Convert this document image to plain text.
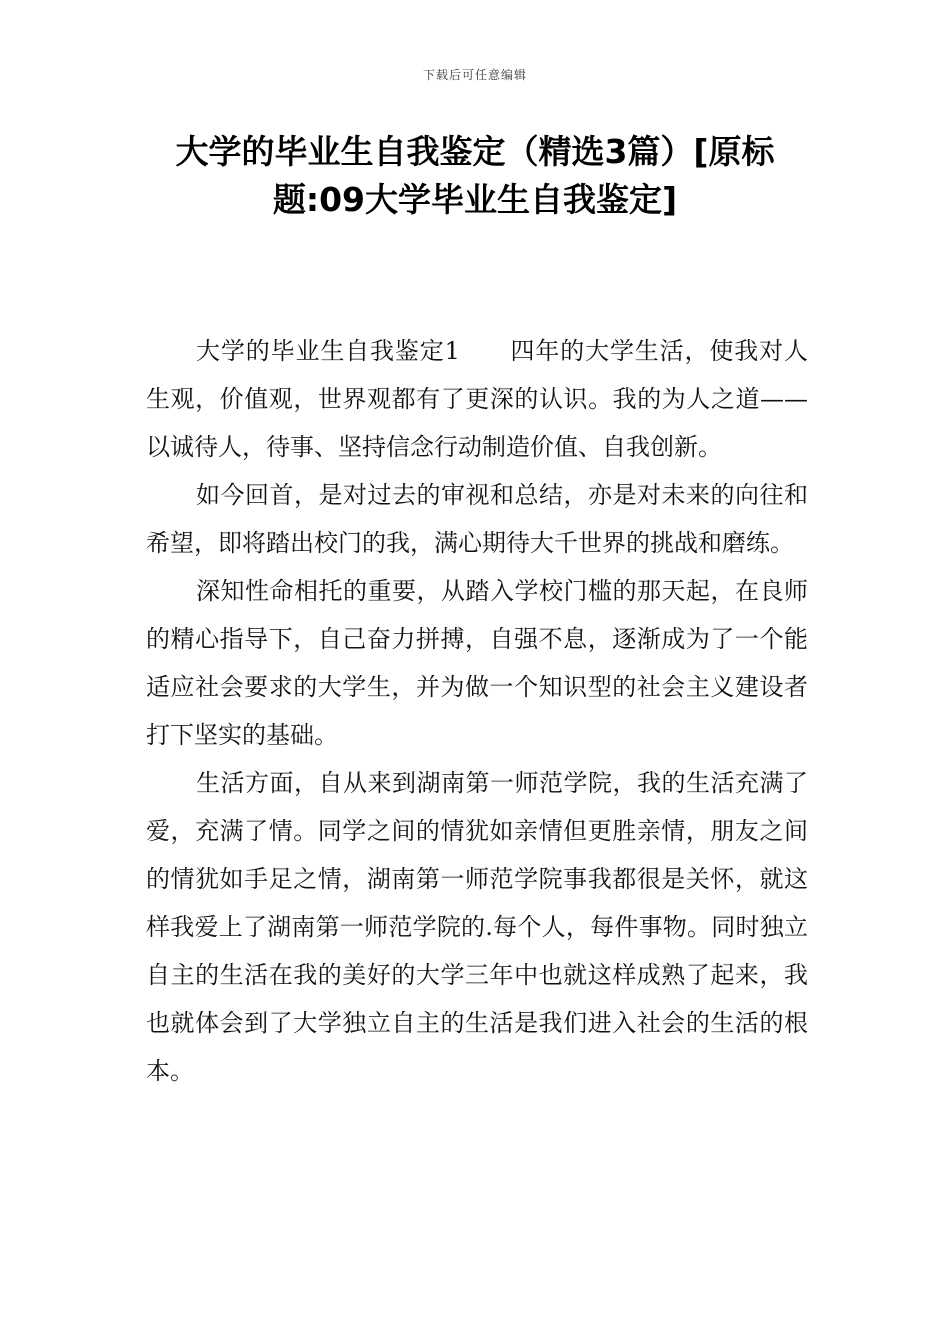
下载后可任意编辑
大学的毕业生自我鉴定（精选3篇）[原标
题:09大学毕业生自我鉴定]

大学的毕业生自我鉴定1　　四年的大学生活，使我对人生观，价值观，世界观都有了更深的认识。我的为人之道——以诚待人，待事、坚持信念行动制造价值、自我创新。

如今回首，是对过去的审视和总结，亦是对未来的向往和希望，即将踏出校门的我，满心期待大千世界的挑战和磨练。

深知性命相托的重要，从踏入学校门槛的那天起，在良师的精心指导下，自己奋力拼搏，自强不息，逐渐成为了一个能适应社会要求的大学生，并为做一个知识型的社会主义建设者打下坚实的基础。

生活方面，自从来到湖南第一师范学院，我的生活充满了爱，充满了情。同学之间的情犹如亲情但更胜亲情，朋友之间的情犹如手足之情，湖南第一师范学院事我都很是关怀，就这样我爱上了湖南第一师范学院的.每个人，每件事物。同时独立自主的生活在我的美好的大学三年中也就这样成熟了起来，我也就体会到了大学独立自主的生活是我们进入社会的生活的根本。
